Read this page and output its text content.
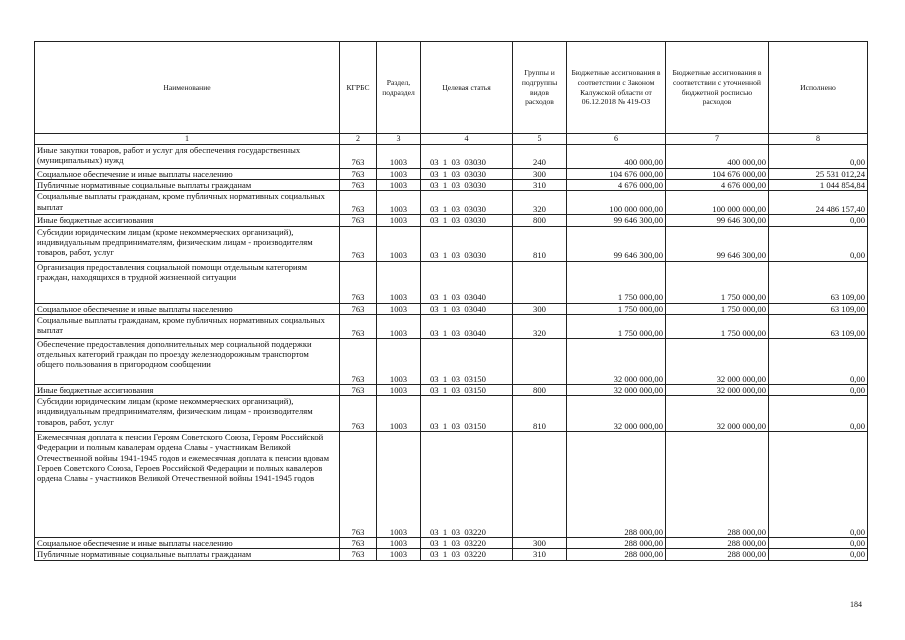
Наименование	КГРБС	Раздел, подраздел	Целевая статья	Группы и подгруппы видов расходов	Бюджетные ассигнования в соответствии с Законом Калужской области от 06.12.2018 № 419-ОЗ	Бюджетные ассигнования в соответствии с уточненной бюджетной росписью расходов	Исполнено
1	2	3	4	5	6	7	8
Иные закупки товаров, работ и услуг для обеспечения государственных (муниципальных) нужд	763	1003	03  1  03  03030	240	400 000,00	400 000,00	0,00
Социальное обеспечение и иные выплаты населению	763	1003	03  1  03  03030	300	104 676 000,00	104 676 000,00	25 531 012,24
Публичные нормативные социальные выплаты гражданам	763	1003	03  1  03  03030	310	4 676 000,00	4 676 000,00	1 044 854,84
Социальные выплаты гражданам, кроме публичных нормативных социальных выплат	763	1003	03  1  03  03030	320	100 000 000,00	100 000 000,00	24 486 157,40
Иные бюджетные ассигнования	763	1003	03  1  03  03030	800	99 646 300,00	99 646 300,00	0,00
Субсидии юридическим лицам (кроме некоммерческих организаций), индивидуальным предпринимателям, физическим лицам - производителям товаров, работ, услуг	763	1003	03  1  03  03030	810	99 646 300,00	99 646 300,00	0,00
Организация предоставления социальной помощи отдельным категориям граждан, находящихся в трудной жизненной ситуации	763	1003	03  1  03  03040		1 750 000,00	1 750 000,00	63 109,00
Социальное обеспечение и иные выплаты населению	763	1003	03  1  03  03040	300	1 750 000,00	1 750 000,00	63 109,00
Социальные выплаты гражданам, кроме публичных нормативных социальных выплат	763	1003	03  1  03  03040	320	1 750 000,00	1 750 000,00	63 109,00
Обеспечение предоставления дополнительных мер социальной поддержки отдельных категорий граждан по проезду железнодорожным транспортом общего пользования в пригородном сообщении	763	1003	03  1  03  03150		32 000 000,00	32 000 000,00	0,00
Иные бюджетные ассигнования	763	1003	03  1  03  03150	800	32 000 000,00	32 000 000,00	0,00
Субсидии юридическим лицам (кроме некоммерческих организаций), индивидуальным предпринимателям, физическим лицам - производителям товаров, работ, услуг	763	1003	03  1  03  03150	810	32 000 000,00	32 000 000,00	0,00
Ежемесячная доплата к пенсии Героям Советского Союза, Героям Российской Федерации и полным кавалерам ордена Славы - участникам Великой Отечественной войны 1941-1945 годов и ежемесячная доплата к пенсии вдовам Героев Советского Союза, Героев Российской Федерации и полных кавалеров ордена Славы - участников Великой Отечественной войны 1941-1945 годов	763	1003	03  1  03  03220		288 000,00	288 000,00	0,00
Социальное обеспечение и иные выплаты населению	763	1003	03  1  03  03220	300	288 000,00	288 000,00	0,00
Публичные нормативные социальные выплаты гражданам	763	1003	03  1  03  03220	310	288 000,00	288 000,00	0,00
184
